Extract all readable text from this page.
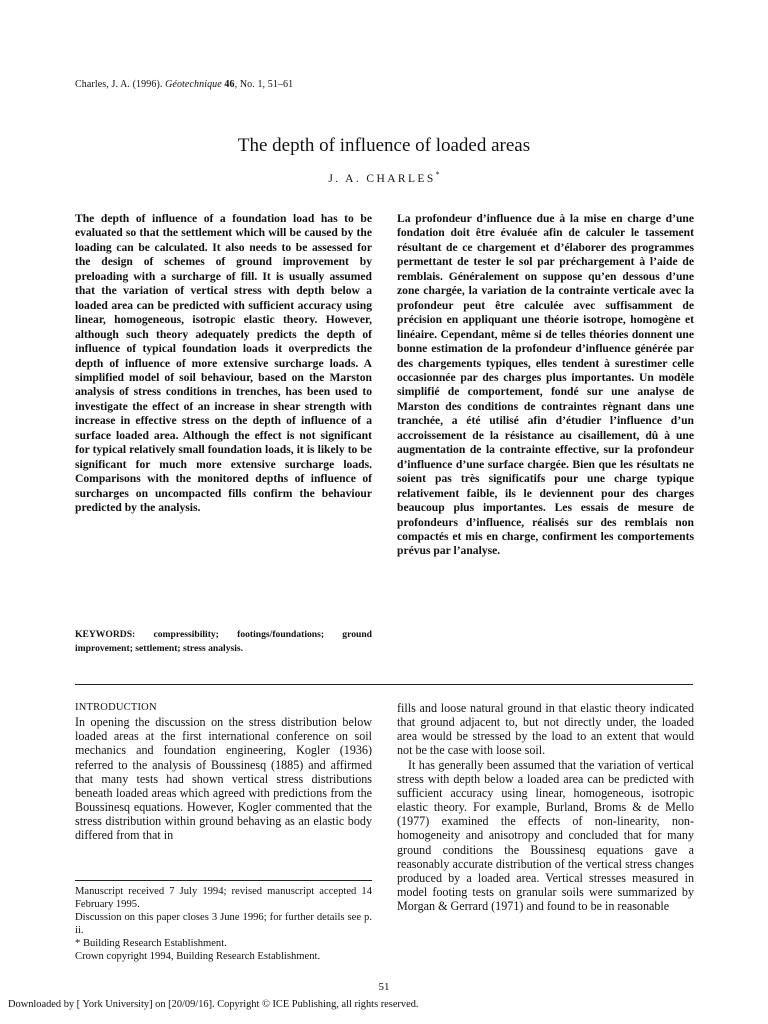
Charles, J. A. (1996). Géotechnique 46, No. 1, 51–61
The depth of influence of loaded areas
J. A. CHARLES*

The depth of influence of a foundation load has to be evaluated so that the settlement which will be caused by the loading can be calculated. It also needs to be assessed for the design of schemes of ground improvement by preloading with a surcharge of fill. It is usually assumed that the variation of vertical stress with depth below a loaded area can be predicted with sufficient accuracy using linear, homogeneous, isotropic elastic theory. However, although such theory adequately predicts the depth of influence of typical foundation loads it overpredicts the depth of influence of more extensive surcharge loads. A simplified model of soil behaviour, based on the Marston analysis of stress conditions in trenches, has been used to investigate the effect of an increase in shear strength with increase in effective stress on the depth of influence of a surface loaded area. Although the effect is not significant for typical relatively small foundation loads, it is likely to be significant for much more extensive surcharge loads. Comparisons with the monitored depths of influence of surcharges on uncompacted fills confirm the behaviour predicted by the analysis.

KEYWORDS: compressibility; footings/foundations; ground improvement; settlement; stress analysis.

La profondeur d’influence due à la mise en charge d’une fondation doit être évaluée afin de calculer le tassement résultant de ce chargement et d’élaborer des programmes permettant de tester le sol par préchargement à l’aide de remblais. Généralement on suppose qu’en dessous d’une zone chargée, la variation de la contrainte verticale avec la profondeur peut être calculée avec suffisamment de précision en appliquant une théorie isotrope, homogène et linéaire. Cependant, même si de telles théories donnent une bonne estimation de la profondeur d’influence générée par des chargements typiques, elles tendent à surestimer celle occasionnée par des charges plus importantes. Un modèle simplifié de comportement, fondé sur une analyse de Marston des conditions de contraintes règnant dans une tranchée, a été utilisé afin d’étudier l’influence d’un accroissement de la résistance au cisaillement, dû à une augmentation de la contrainte effective, sur la profondeur d’influence d’une surface chargée. Bien que les résultats ne soient pas très significatifs pour une charge typique relativement faible, ils le deviennent pour des charges beaucoup plus importantes. Les essais de mesure de profondeurs d’influence, réalisés sur des remblais non compactés et mis en charge, confirment les comportements prévus par l’analyse.

INTRODUCTION

In opening the discussion on the stress distribution below loaded areas at the first international conference on soil mechanics and foundation engineering, Kogler (1936) referred to the analysis of Boussinesq (1885) and affirmed that many tests had shown vertical stress distributions beneath loaded areas which agreed with predictions from the Boussinesq equations. However, Kogler commented that the stress distribution within ground behaving as an elastic body differed from that in

Manuscript received 7 July 1994; revised manuscript accepted 14 February 1995.

Discussion on this paper closes 3 June 1996; for further details see p. ii.

* Building Research Establishment.

Crown copyright 1994, Building Research Establishment.

fills and loose natural ground in that elastic theory indicated that ground adjacent to, but not directly under, the loaded area would be stressed by the load to an extent that would not be the case with loose soil.

It has generally been assumed that the variation of vertical stress with depth below a loaded area can be predicted with sufficient accuracy using linear, homogeneous, isotropic elastic theory. For example, Burland, Broms & de Mello (1977) examined the effects of non-linearity, non-homogeneity and anisotropy and concluded that for many ground conditions the Boussinesq equations gave a reasonably accurate distribution of the vertical stress changes produced by a loaded area. Vertical stresses measured in model footing tests on granular soils were summarized by Morgan & Gerrard (1971) and found to be in reasonable

51
Downloaded by [ York University] on [20/09/16]. Copyright © ICE Publishing, all rights reserved.
